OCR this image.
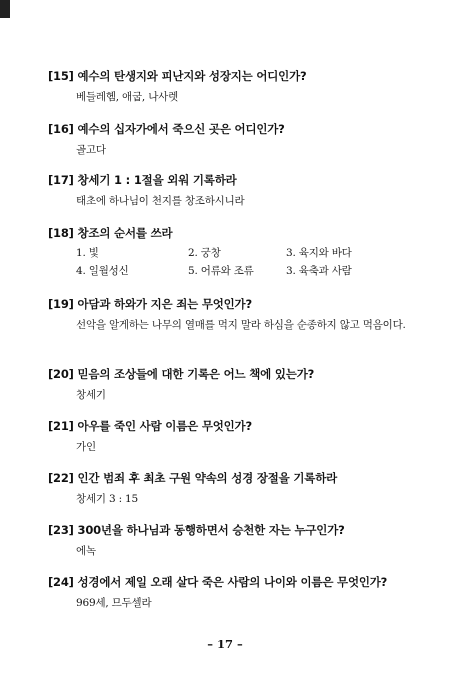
[15] 예수의 탄생지와 피난지와 성장지는 어디인가?
베들레헴, 애굽, 나사렛
[16] 예수의 십자가에서 죽으신 곳은 어디인가?
골고다
[17] 창세기 1 : 1절을 외워 기록하라
태초에 하나님이 천지를 창조하시니라
[18] 창조의 순서를 쓰라
1. 빛	2. 궁창	3. 육지와 바다
4. 일월성신	5. 어류와 조류	3. 육축과 사람
[19] 아담과 하와가 지은 죄는 무엇인가?
선악을 알게하는 나무의 열매를 먹지 말라 하심을 순종하지 않고 먹음이다.
[20] 믿음의 조상들에 대한 기록은 어느 책에 있는가?
창세기
[21] 아우를 죽인 사람 이름은 무엇인가?
가인
[22] 인간 범죄 후 최초 구원 약속의 성경 장절을 기록하라
창세기 3 : 15
[23] 300년을 하나님과 동행하면서 승천한 자는 누구인가?
에녹
[24] 성경에서 제일 오래 살다 죽은 사람의 나이와 이름은 무엇인가?
969세, 므두셀라
– 17 –
